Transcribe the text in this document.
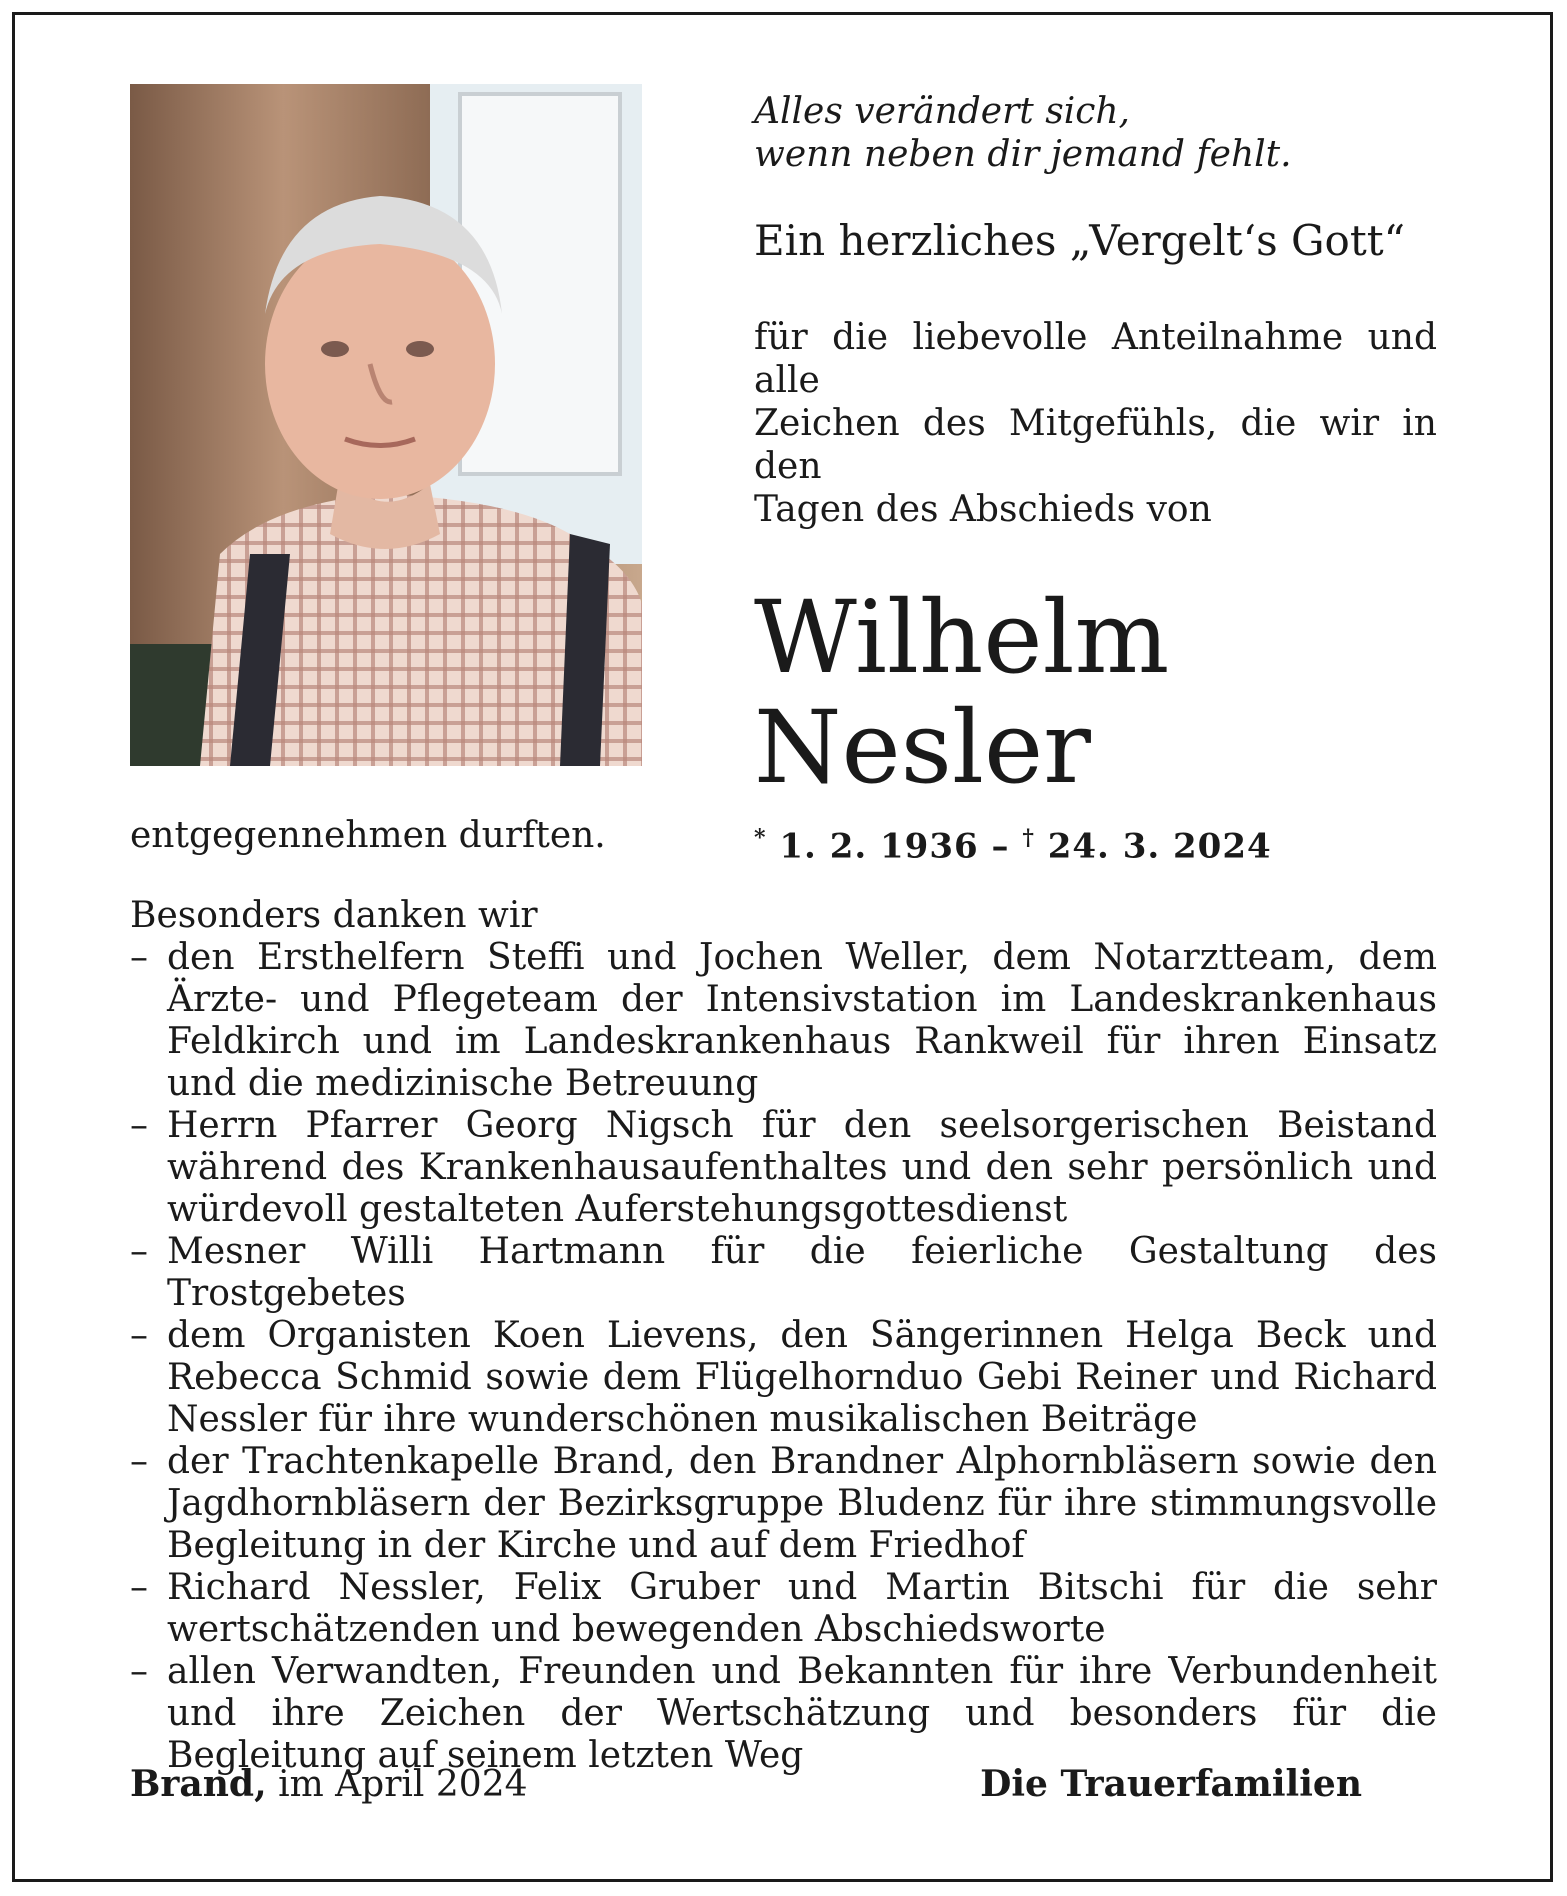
Alles verändert sich,
wenn neben dir jemand fehlt.

Ein herzliches „Vergelt‘s Gott“

für die liebevolle Anteilnahme und alle
Zeichen des Mitgefühls, die wir in den
Tagen des Abschieds von

Wilhelm
Nesler

* 1. 2. 1936 – † 24. 3. 2024

entgegennehmen durften.

Besonders danken wir

– den Ersthelfern Steffi und Jochen Weller, dem Notarztteam, dem Ärzte- und Pflegeteam der Intensivstation im Landeskrankenhaus Feldkirch und im Landeskrankenhaus Rankweil für ihren Einsatz und die medizinische Betreuung
– Herrn Pfarrer Georg Nigsch für den seelsorgerischen Beistand während des Krankenhausaufenthaltes und den sehr persönlich und würdevoll gestalteten Auferstehungsgottesdienst
– Mesner Willi Hartmann für die feierliche Gestaltung des Trostgebetes
– dem Organisten Koen Lievens, den Sängerinnen Helga Beck und Rebecca Schmid sowie dem Flügelhornduo Gebi Reiner und Richard Nessler für ihre wunderschönen musikalischen Beiträge
– der Trachtenkapelle Brand, den Brandner Alphornbläsern sowie den Jagdhornbläsern der Bezirksgruppe Bludenz für ihre stimmungsvolle Begleitung in der Kirche und auf dem Friedhof
– Richard Nessler, Felix Gruber und Martin Bitschi für die sehr wertschätzenden und bewegenden Abschiedsworte
– allen Verwandten, Freunden und Bekannten für ihre Verbundenheit und ihre Zeichen der Wertschätzung und besonders für die Begleitung auf seinem letzten Weg
Brand, im April 2024	Die Trauerfamilien
